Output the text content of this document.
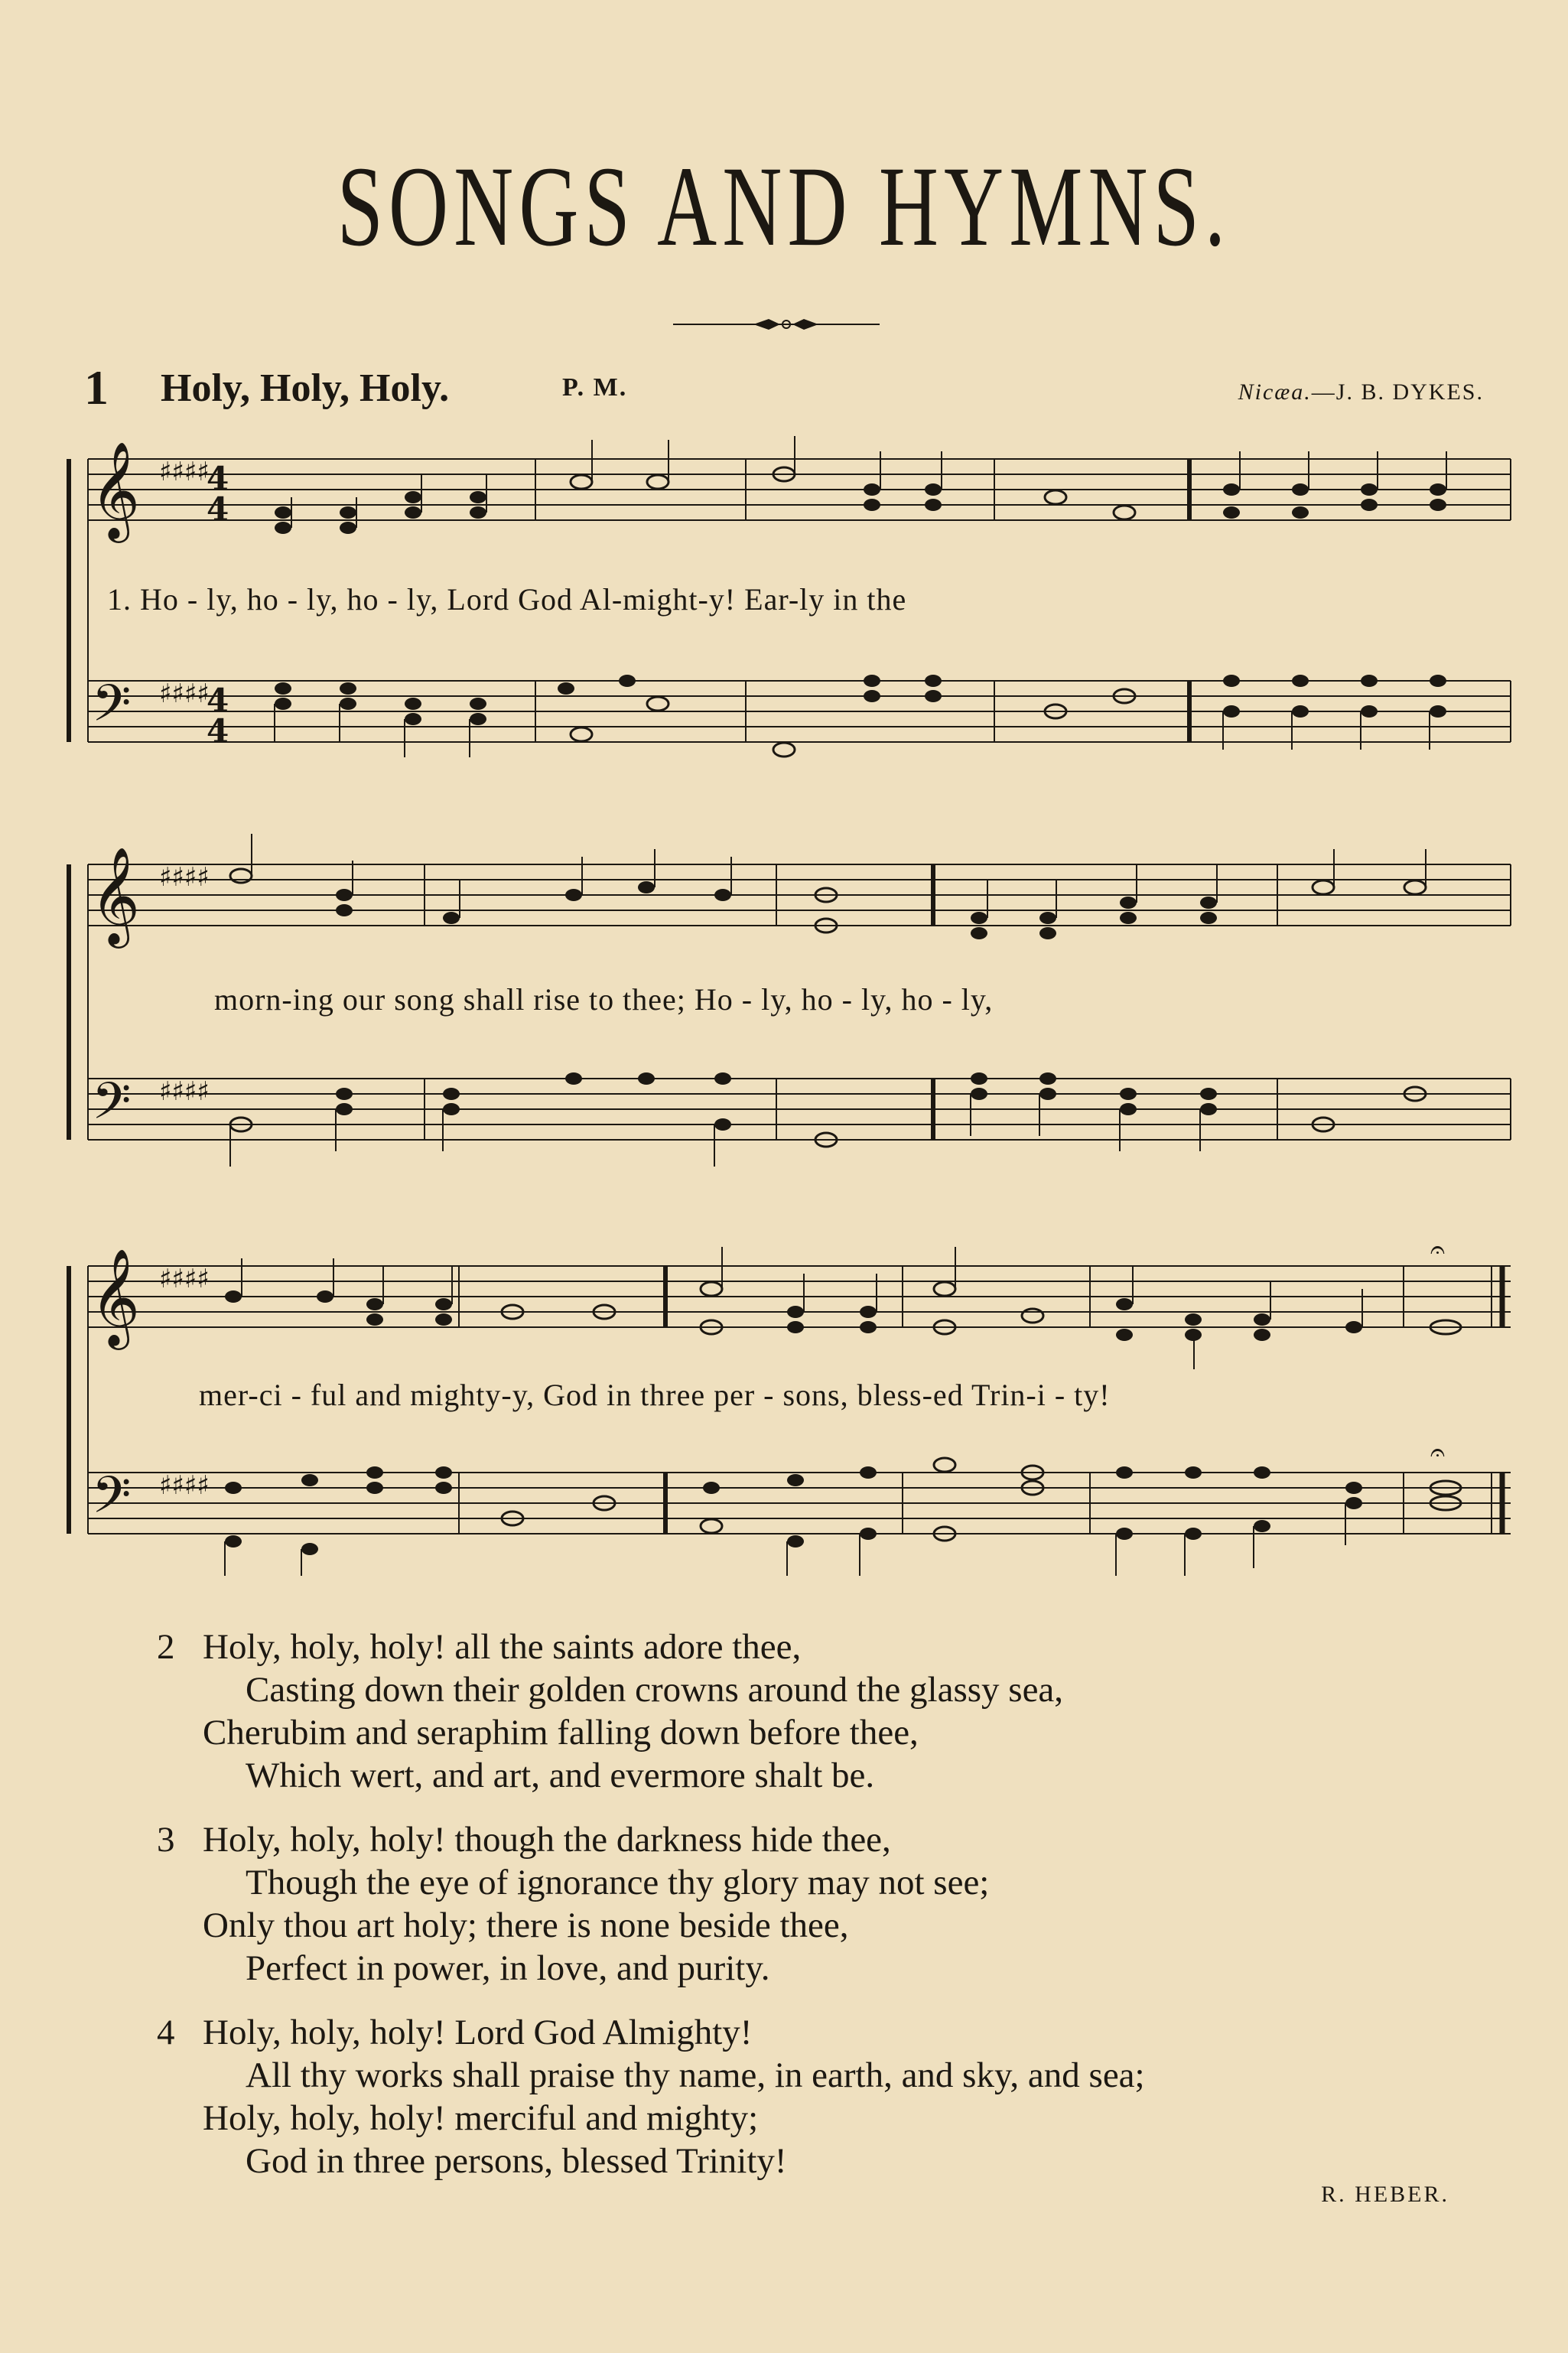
SONGS AND HYMNS.
1 Holy, Holy, Holy.	P. M.	Nicæa.—J. B. DYKES.
𝄞 ♯♯♯♯
4
4
𝄢 ♯♯♯♯
4
4
1. Ho - ly, ho - ly, ho - ly, Lord God Al-might-y! Ear-ly in the
𝄞 ♯♯♯♯
𝄢 ♯♯♯♯
morn-ing our song shall rise to thee; Ho - ly, ho - ly, ho - ly,
𝄞 ♯♯♯♯
𝄢 ♯♯♯♯
𝄐
𝄐
mer-ci - ful and mighty-y, God in three per - sons, bless-ed Trin-i - ty!
2 Holy, holy, holy! all the saints adore thee,
Casting down their golden crowns around the glassy sea,
Cherubim and seraphim falling down before thee,
Which wert, and art, and evermore shalt be.
3 Holy, holy, holy! though the darkness hide thee,
Though the eye of ignorance thy glory may not see;
Only thou art holy; there is none beside thee,
Perfect in power, in love, and purity.
4 Holy, holy, holy! Lord God Almighty!
All thy works shall praise thy name, in earth, and sky, and sea;
Holy, holy, holy! merciful and mighty;
God in three persons, blessed Trinity!
R. HEBER.
